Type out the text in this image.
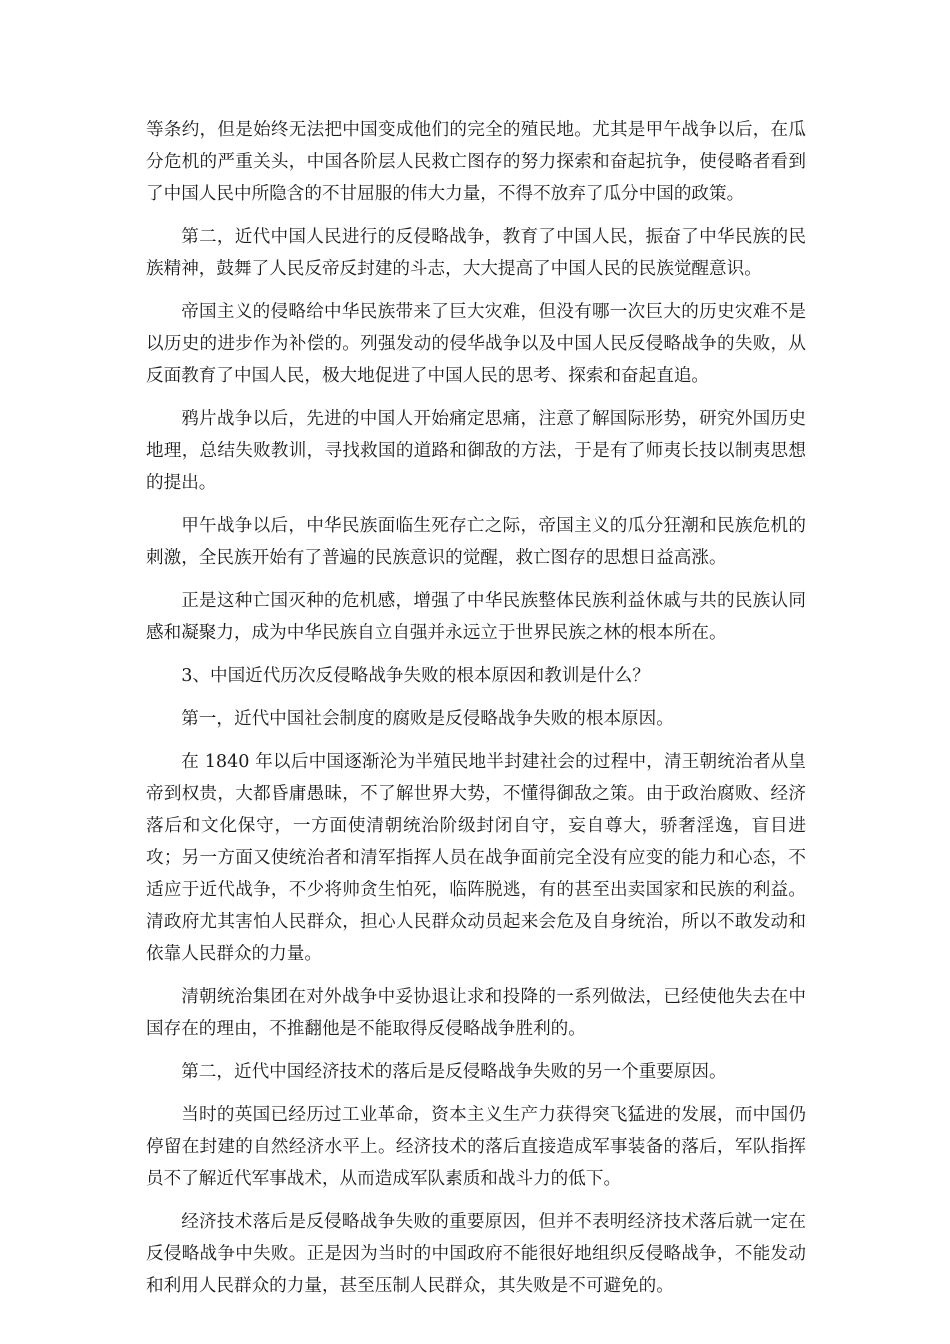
等条约，但是始终无法把中国变成他们的完全的殖民地。尤其是甲午战争以后，在瓜分危机的严重关头，中国各阶层人民救亡图存的努力探索和奋起抗争，使侵略者看到了中国人民中所隐含的不甘屈服的伟大力量，不得不放弃了瓜分中国的政策。

第二，近代中国人民进行的反侵略战争，教育了中国人民，振奋了中华民族的民族精神，鼓舞了人民反帝反封建的斗志，大大提高了中国人民的民族觉醒意识。

帝国主义的侵略给中华民族带来了巨大灾难，但没有哪一次巨大的历史灾难不是以历史的进步作为补偿的。列强发动的侵华战争以及中国人民反侵略战争的失败，从反面教育了中国人民，极大地促进了中国人民的思考、探索和奋起直追。

鸦片战争以后，先进的中国人开始痛定思痛，注意了解国际形势，研究外国历史地理，总结失败教训，寻找救国的道路和御敌的方法，于是有了师夷长技以制夷思想的提出。

甲午战争以后，中华民族面临生死存亡之际，帝国主义的瓜分狂潮和民族危机的刺激，全民族开始有了普遍的民族意识的觉醒，救亡图存的思想日益高涨。

正是这种亡国灭种的危机感，增强了中华民族整体民族利益休戚与共的民族认同感和凝聚力，成为中华民族自立自强并永远立于世界民族之林的根本所在。

3、中国近代历次反侵略战争失败的根本原因和教训是什么？

第一，近代中国社会制度的腐败是反侵略战争失败的根本原因。

在 1840 年以后中国逐渐沦为半殖民地半封建社会的过程中，清王朝统治者从皇帝到权贵，大都昏庸愚昧，不了解世界大势，不懂得御敌之策。由于政治腐败、经济落后和文化保守，一方面使清朝统治阶级封闭自守，妄自尊大，骄奢淫逸，盲目进攻；另一方面又使统治者和清军指挥人员在战争面前完全没有应变的能力和心态，不适应于近代战争，不少将帅贪生怕死，临阵脱逃，有的甚至出卖国家和民族的利益。清政府尤其害怕人民群众，担心人民群众动员起来会危及自身统治，所以不敢发动和依靠人民群众的力量。

清朝统治集团在对外战争中妥协退让求和投降的一系列做法，已经使他失去在中国存在的理由，不推翻他是不能取得反侵略战争胜利的。

第二，近代中国经济技术的落后是反侵略战争失败的另一个重要原因。

当时的英国已经历过工业革命，资本主义生产力获得突飞猛进的发展，而中国仍停留在封建的自然经济水平上。经济技术的落后直接造成军事装备的落后，军队指挥员不了解近代军事战术，从而造成军队素质和战斗力的低下。

经济技术落后是反侵略战争失败的重要原因，但并不表明经济技术落后就一定在反侵略战争中失败。正是因为当时的中国政府不能很好地组织反侵略战争，不能发动和利用人民群众的力量，甚至压制人民群众，其失败是不可避免的。
